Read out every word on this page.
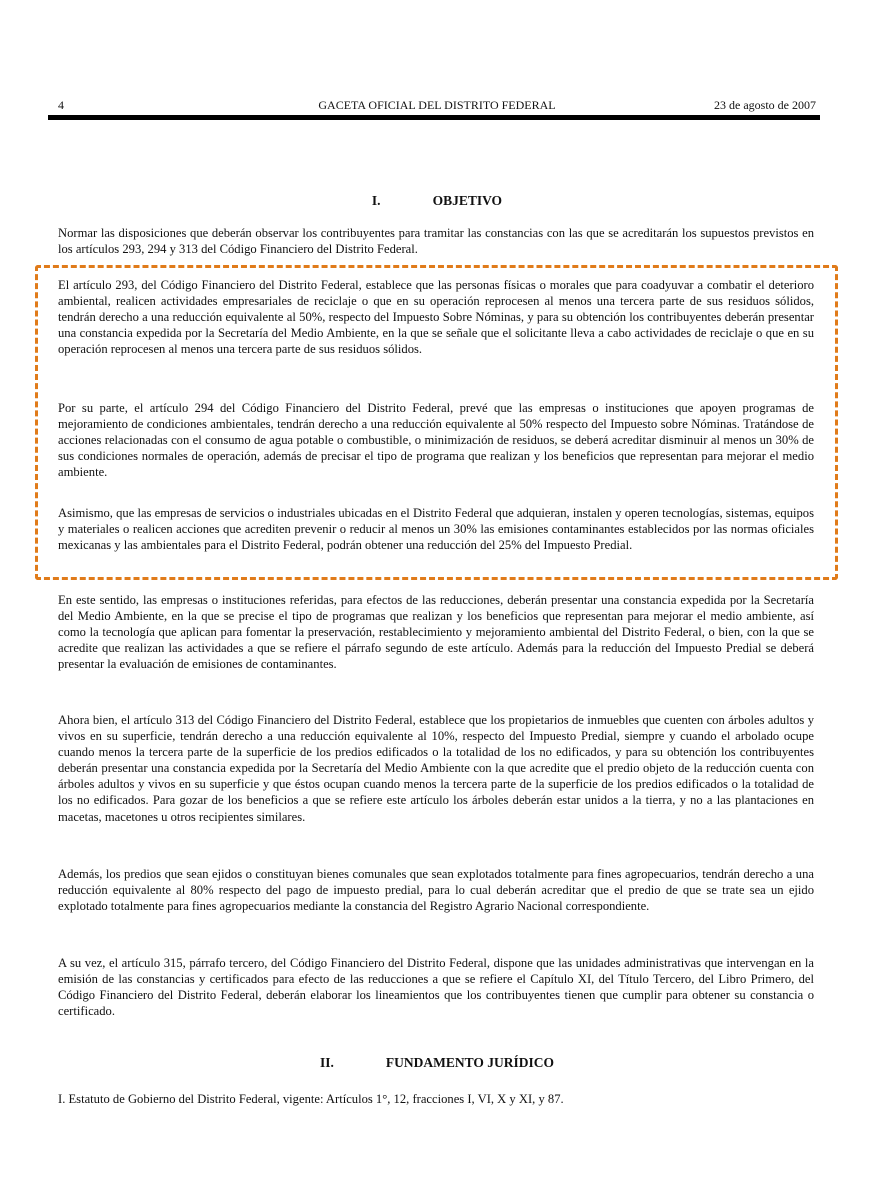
4	GACETA OFICIAL DEL DISTRITO FEDERAL	23 de agosto de 2007
I.	OBJETIVO

Normar las disposiciones que deberán observar los contribuyentes para tramitar las constancias con las que se acreditarán los supuestos previstos en los artículos 293, 294 y 313 del Código Financiero del Distrito Federal.

El artículo 293, del Código Financiero del Distrito Federal, establece que las personas físicas o morales que para coadyuvar a combatir el deterioro ambiental, realicen actividades empresariales de reciclaje o que en su operación reprocesen al menos una tercera parte de sus residuos sólidos, tendrán derecho a una reducción equivalente al 50%, respecto del Impuesto Sobre Nóminas, y para su obtención los contribuyentes deberán presentar una constancia expedida por la Secretaría del Medio Ambiente, en la que se señale que el solicitante lleva a cabo actividades de reciclaje o que en su operación reprocesen al menos una tercera parte de sus residuos sólidos.

Por su parte, el artículo 294 del Código Financiero del Distrito Federal, prevé que las empresas o instituciones que apoyen programas de mejoramiento de condiciones ambientales, tendrán derecho a una reducción equivalente al 50% respecto del Impuesto sobre Nóminas. Tratándose de acciones relacionadas con el consumo de agua potable o combustible, o minimización de residuos, se deberá acreditar disminuir al menos un 30% de sus condiciones normales de operación, además de precisar el tipo de programa que realizan y los beneficios que representan para mejorar el medio ambiente.

Asimismo, que las empresas de servicios o industriales ubicadas en el Distrito Federal que adquieran, instalen y operen tecnologías, sistemas, equipos y materiales o realicen acciones que acrediten prevenir o reducir al menos un 30% las emisiones contaminantes establecidos por las normas oficiales mexicanas y las ambientales para el Distrito Federal, podrán obtener una reducción del 25% del Impuesto Predial.

En este sentido, las empresas o instituciones referidas, para efectos de las reducciones, deberán presentar una constancia expedida por la Secretaría del Medio Ambiente, en la que se precise el tipo de programas que realizan y los beneficios que representan para mejorar el medio ambiente, así como la tecnología que aplican para fomentar la preservación, restablecimiento y mejoramiento ambiental del Distrito Federal, o bien, con la que se acredite que realizan las actividades a que se refiere el párrafo segundo de este artículo. Además para la reducción del Impuesto Predial se deberá presentar la evaluación de emisiones de contaminantes.

Ahora bien, el artículo 313 del Código Financiero del Distrito Federal, establece que los propietarios de inmuebles que cuenten con árboles adultos y vivos en su superficie, tendrán derecho a una reducción equivalente al 10%, respecto del Impuesto Predial, siempre y cuando el arbolado ocupe cuando menos la tercera parte de la superficie de los predios edificados o la totalidad de los no edificados, y para su obtención los contribuyentes deberán presentar una constancia expedida por la Secretaría del Medio Ambiente con la que acredite que el predio objeto de la reducción cuenta con árboles adultos y vivos en su superficie y que éstos ocupan cuando menos la tercera parte de la superficie de los predios edificados o la totalidad de los no edificados. Para gozar de los beneficios a que se refiere este artículo los árboles deberán estar unidos a la tierra, y no a las plantaciones en macetas, macetones u otros recipientes similares.

Además, los predios que sean ejidos o constituyan bienes comunales que sean explotados totalmente para fines agropecuarios, tendrán derecho a una reducción equivalente al 80% respecto del pago de impuesto predial, para lo cual deberán acreditar que el predio de que se trate sea un ejido explotado totalmente para fines agropecuarios mediante la constancia del Registro Agrario Nacional correspondiente.

A su vez, el artículo 315, párrafo tercero, del Código Financiero del Distrito Federal, dispone que las unidades administrativas que intervengan en la emisión de las constancias y certificados para efecto de las reducciones a que se refiere el Capítulo XI, del Título Tercero, del Libro Primero, del Código Financiero del Distrito Federal, deberán elaborar los lineamientos que los contribuyentes tienen que cumplir para obtener su constancia o certificado.

II.	FUNDAMENTO JURÍDICO

I. Estatuto de Gobierno del Distrito Federal, vigente: Artículos 1°, 12, fracciones I, VI, X y XI, y 87.
